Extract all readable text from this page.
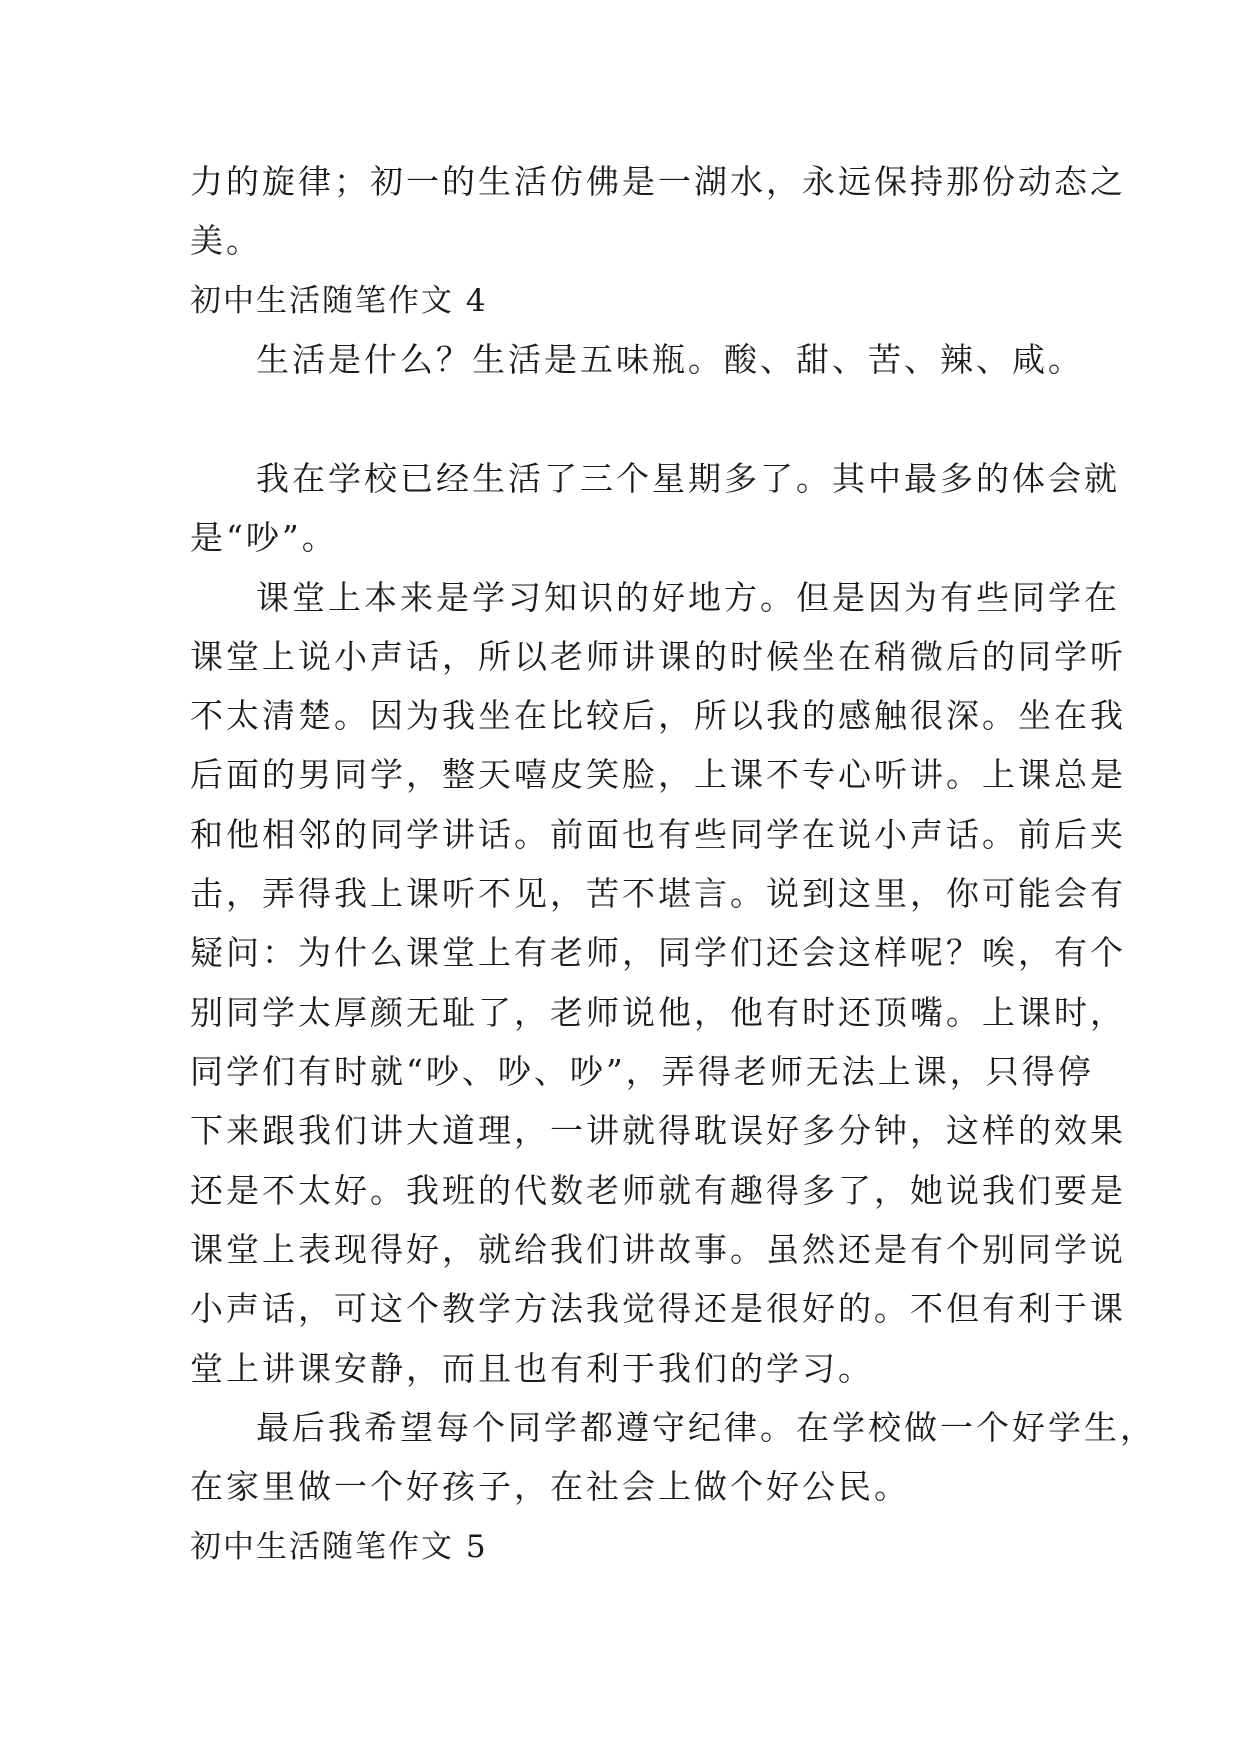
力的旋律；初一的生活仿佛是一湖水，永远保持那份动态之
美。
初中生活随笔作文 4
生活是什么？生活是五味瓶。酸、甜、苦、辣、咸。
我在学校已经生活了三个星期多了。其中最多的体会就
是“吵”。
课堂上本来是学习知识的好地方。但是因为有些同学在
课堂上说小声话，所以老师讲课的时候坐在稍微后的同学听
不太清楚。因为我坐在比较后，所以我的感触很深。坐在我
后面的男同学，整天嘻皮笑脸，上课不专心听讲。上课总是
和他相邻的同学讲话。前面也有些同学在说小声话。前后夹
击，弄得我上课听不见，苦不堪言。说到这里，你可能会有
疑问：为什么课堂上有老师，同学们还会这样呢？唉，有个
别同学太厚颜无耻了，老师说他，他有时还顶嘴。上课时，
同学们有时就“吵、吵、吵”，弄得老师无法上课，只得停
下来跟我们讲大道理，一讲就得耽误好多分钟，这样的效果
还是不太好。我班的代数老师就有趣得多了，她说我们要是
课堂上表现得好，就给我们讲故事。虽然还是有个别同学说
小声话，可这个教学方法我觉得还是很好的。不但有利于课
堂上讲课安静，而且也有利于我们的学习。
最后我希望每个同学都遵守纪律。在学校做一个好学生，
在家里做一个好孩子，在社会上做个好公民。
初中生活随笔作文 5
